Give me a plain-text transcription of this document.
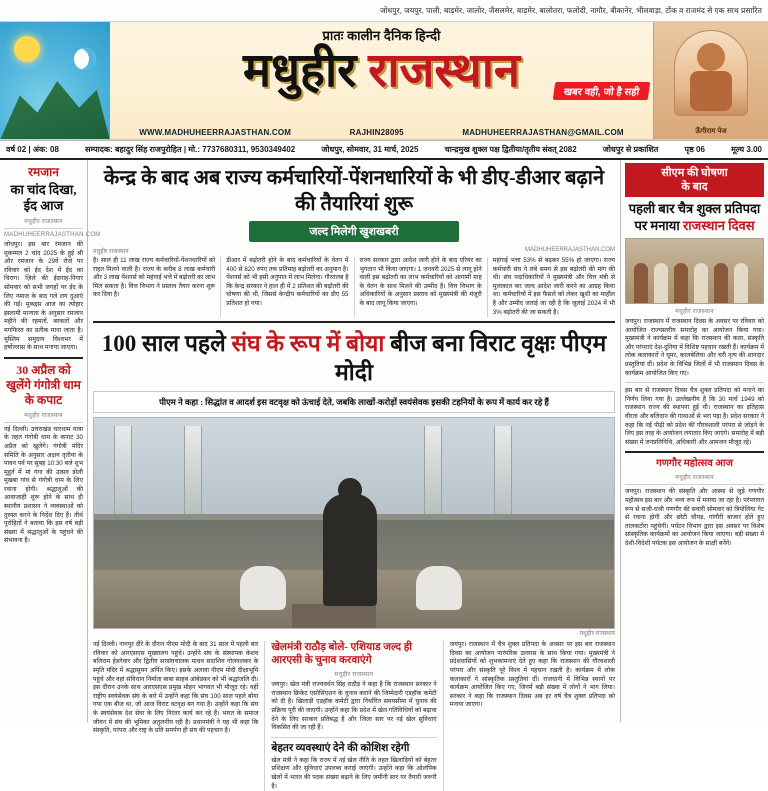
जोधपुर, जयपुर, पाली, बाड़मेर, जालोर, जैसलमेर, बाड़मेर, बालोतरा, फलोदी, नागौर, बीकानेर, भीलवाड़ा, टोंक व राजमंद से एक साथ प्रसारित
प्रातः कालीन दैनिक हिन्दी
मधुहीर राजस्थान	खबर वही, जो है सही
WWW.MADHUHEERRAJASTHAN.COM	RAJHIN28095	MADHUHEERRAJASTHAN@GMAIL.COM	ऊँगीराम पेज
वर्ष 02 | अंक: 08	सम्पादक: बहादुर सिंह राजपुरोहित | मो.: 7737680311, 9530349402	जोधपुर, सोमवार, 31 मार्च, 2025	चान्द्रमुख शुक्ल पक्ष द्वितीया/तृतीय संवत् 2082	जोधपुर से प्रकाशित	पृष्ठ 06	मूल्य 3.00
रमजान
का चांद दिखा, ईद आज
मधुहीर राजस्थान
MADHUHEERRAJASTHAN.COM
जोधपुर। इस बार रमजान की मुकम्मल 2 चांद 2025 के हुई श्री और रमजान के 29वें रोजे पर रविवार को ईद देश में ईद का चिराग। ज़िले की ईदगाह-निगार सोमवार को सभी जगहों पर ईद के लिए नमाज के बाद गले लग दुआएं की गई। मुकद्दस आज का त्योहार इस्लामी मान्यता के अनुसार रमजान महीने की रहमतों, बरकतों और मगफिरत का प्रतीक माना जाता है। मुस्लिम समुदाय विश्वभर में हर्षोल्लास के साथ मनाया जाएगा।
30 अप्रैल को खुलेंगे गंगोत्री धाम के कपाट
मधुहीर राजस्थान
नई दिल्ली। उत्तराखंड चारधाम यात्रा के तहत गंगोत्री धाम के कपाट 30 अप्रैल को खुलेंगे। गंगोत्री मंदिर समिति के अनुसार अक्षय तृतीया के पावन पर्व पर सुबह 10:30 बजे शुभ मुहूर्त में मां गंगा की उत्सव डोली मुखबा गांव से गंगोत्री धाम के लिए रवाना होगी। श्रद्धालुओं की आवाजाही शुरू होने के साथ ही स्थानीय प्रशासन ने व्यवस्थाओं को दुरुस्त करने के निर्देश दिए हैं। तीर्थ पुरोहितों ने बताया कि इस वर्ष बड़ी संख्या में श्रद्धालुओं के पहुंचने की संभावना है।
केन्द्र के बाद अब राज्य कर्मचारियों-पेंशनधारियों के भी डीए-डीआर बढ़ाने की तैयारियां शुरू
जल्द मिलेगी खुशखबरी
मधुहीर राजस्थान	MADHUHEERRAJASTHAN.COM
है। साल ही 11 लाख राज्य कर्मचारियों-पेंशनधारियों को राहत मिलने वाली है। राज्य के करीब 8 लाख कर्मचारी और 3 लाख पेंशनर्स को महंगाई भत्ते में बढ़ोतरी का लाभ मिल सकता है। वित्त विभाग ने प्रस्ताव तैयार करना शुरू कर दिया है।
डीआर में बढ़ोतरी होने के बाद कर्मचारियों के वेतन में 400 से 820 रुपए तक प्रतिमाह बढ़ोतरी का अनुमान है। पेंशनर्स को भी इसी अनुपात में लाभ मिलेगा। गौरतलब है कि केन्द्र सरकार ने हाल ही में 2 प्रतिशत की बढ़ोतरी की घोषणा की थी, जिससे केन्द्रीय कर्मचारियों का डीए 55 प्रतिशत हो गया।
राज्य सरकार द्वारा आदेश जारी होने के बाद एरियर का भुगतान भी किया जाएगा। 1 जनवरी 2025 से लागू होने वाली इस बढ़ोतरी का लाभ कर्मचारियों को आगामी माह के वेतन के साथ मिलने की उम्मीद है। वित्त विभाग के अधिकारियों के अनुसार प्रस्ताव को मुख्यमंत्री की मंजूरी के बाद लागू किया जाएगा।
महंगाई भत्ता 53% से बढ़कर 55% हो जाएगा। राज्य कर्मचारी संघ ने लंबे समय से इस बढ़ोतरी की मांग की थी। संघ पदाधिकारियों ने मुख्यमंत्री और वित्त मंत्री से मुलाकात कर जल्द आदेश जारी करने का आग्रह किया था। कर्मचारियों में इस फैसले को लेकर खुशी का माहौल है और उम्मीद जताई जा रही है कि जुलाई 2024 में भी 3% बढ़ोतरी की जा सकती है।
100 साल पहले संघ के रूप में बोया बीज बना विराट वृक्षः पीएम मोदी
पीएम ने कहा : सिद्धांत व आदर्श इस वटवृक्ष को ऊंचाई देते, जबकि लाखों-करोड़ों स्वयंसेवक इसकी टहनियों के रूप में कार्य कर रहे हैं
मधुहीर राजस्थान
नई दिल्ली। नागपुर दौरे के दौरान पीएम मोदी के बाद 31 साल में पहली बार रविवार को आरएसएस मुख्यालय पहुंचे। उन्होंने संघ के संस्थापक केशव बलिराम हेडगेवार और द्वितीय सरसंघचालक माधव सदाशिव गोलवलकर के स्मृति मंदिर में श्रद्धासुमन अर्पित किए। इसके अलावा पीएम मोदी दीक्षाभूमि पहुंचे और वहां संविधान निर्माता बाबा साहब आंबेडकर को भी श्रद्धांजलि दी। इस दौरान उनके साथ आरएसएस प्रमुख मोहन भागवत भी मौजूद रहे। वहीं राष्ट्रीय स्वयंसेवक संघ के बारे में उन्होंने कहा कि संघ 100 साल पहले बोया गया एक बीज था, जो आज विराट वटवृक्ष बन गया है। उन्होंने कहा कि संघ के स्वयंसेवक देश सेवा के लिए निरंतर कार्य कर रहे हैं। भारत के समाज जीवन में संघ की भूमिका अतुलनीय रही है। प्रधानमंत्री ने यह भी कहा कि संस्कृति, परंपरा और राष्ट्र के प्रति समर्पण ही संघ की पहचान है।
खेलमंत्री राठौड़ बोले- एशियाड जल्द ही आरएसी के चुनाव करवाएंगे
मधुहीर राजस्थान
जयपुर। खेल मंत्री राज्यवर्धन सिंह राठौड़ ने कहा है कि राजस्थान सरकार ने राजस्थान क्रिकेट एसोसिएशन के चुनाव कराने की जिम्मेदारी एडहॉक कमेटी को दी है। खिलाड़ी एडहॉक कमेटी द्वारा निर्धारित समयसीमा में चुनाव की प्रक्रिया पूरी की जाएगी। उन्होंने कहा कि प्रदेश में खेल गतिविधियों को बढ़ावा देने के लिए सरकार प्रतिबद्ध है और जिला स्तर पर नई खेल सुविधाएं विकसित की जा रही हैं।
बेहतर व्यवस्थाएं देने की कोशिश रहेगी
खेल मंत्री ने कहा कि राज्य में नई खेल नीति के तहत खिलाड़ियों को बेहतर प्रशिक्षण और सुविधाएं उपलब्ध कराई जाएंगी। उन्होंने कहा कि ओलंपिक खेलों में भारत की पदक संख्या बढ़ाने के लिए जमीनी स्तर पर तैयारी जरूरी है।
जयपुर। राजस्थान में चैत्र शुक्ल प्रतिपदा के अवसर पर इस बार राजस्थान दिवस का आयोजन पारंपरिक उल्लास के साथ किया गया। मुख्यमंत्री ने प्रदेशवासियों को शुभकामनाएं देते हुए कहा कि राजस्थान की गौरवशाली परंपरा और संस्कृति पूरे विश्व में पहचान रखती है। कार्यक्रम में लोक कलाकारों ने सांस्कृतिक प्रस्तुतियां दीं। राजधानी में विभिन्न स्थानों पर कार्यक्रम आयोजित किए गए, जिनमें बड़ी संख्या में लोगों ने भाग लिया। सरकार ने कहा कि राजस्थान दिवस अब हर वर्ष चैत्र शुक्ल प्रतिपदा को मनाया जाएगा।
सीएम की घोषणा
के बाद
पहली बार चैत्र शुक्ल प्रतिपदा पर मनाया राजस्थान दिवस
मधुहीर राजस्थान
जयपुर। राजस्थान में राजस्थान दिवस के अवसर पर रविवार को आयोजित राज्यस्तरीय समारोह का आयोजन किया गया। मुख्यमंत्री ने कार्यक्रम में कहा कि राजस्थान की कला, संस्कृति और परंपराएं देश-दुनिया में विशिष्ट पहचान रखती हैं। कार्यक्रम में लोक कलाकारों ने घूमर, कालबेलिया और चरी नृत्य की शानदार प्रस्तुतियां दीं। प्रदेश के विभिन्न जिलों में भी राजस्थान दिवस के कार्यक्रम आयोजित किए गए।
इस बार से राजस्थान दिवस चैत्र शुक्ल प्रतिपदा को मनाने का निर्णय लिया गया है। उल्लेखनीय है कि 30 मार्च 1949 को राजस्थान राज्य की स्थापना हुई थी। राजस्थान का इतिहास वीरता और बलिदान की गाथाओं से भरा पड़ा है। प्रदेश सरकार ने कहा कि नई पीढ़ी को प्रदेश की गौरवशाली परंपरा से जोड़ने के लिए इस तरह के आयोजन लगातार किए जाएंगे। समारोह में बड़ी संख्या में जनप्रतिनिधि, अधिकारी और आमजन मौजूद रहे।
गणगौर महोत्सव आज
मधुहीर राजस्थान
जयपुर। राजस्थान की संस्कृति और आस्था से जुड़े गणगौर महोत्सव इस बार और भव्य रूप में मनाया जा रहा है। परंपरागत रूप से सजी-धजी गणगौर की सवारी सोमवार को त्रिपोलिया गेट से रवाना होगी और छोटी चौपड़, गांगौरी बाजार होते हुए तालकटोरा पहुंचेगी। पर्यटन विभाग द्वारा इस अवसर पर विशेष सांस्कृतिक कार्यक्रमों का आयोजन किया जाएगा। बड़ी संख्या में देशी-विदेशी पर्यटक इस आयोजन के साक्षी बनेंगे।
